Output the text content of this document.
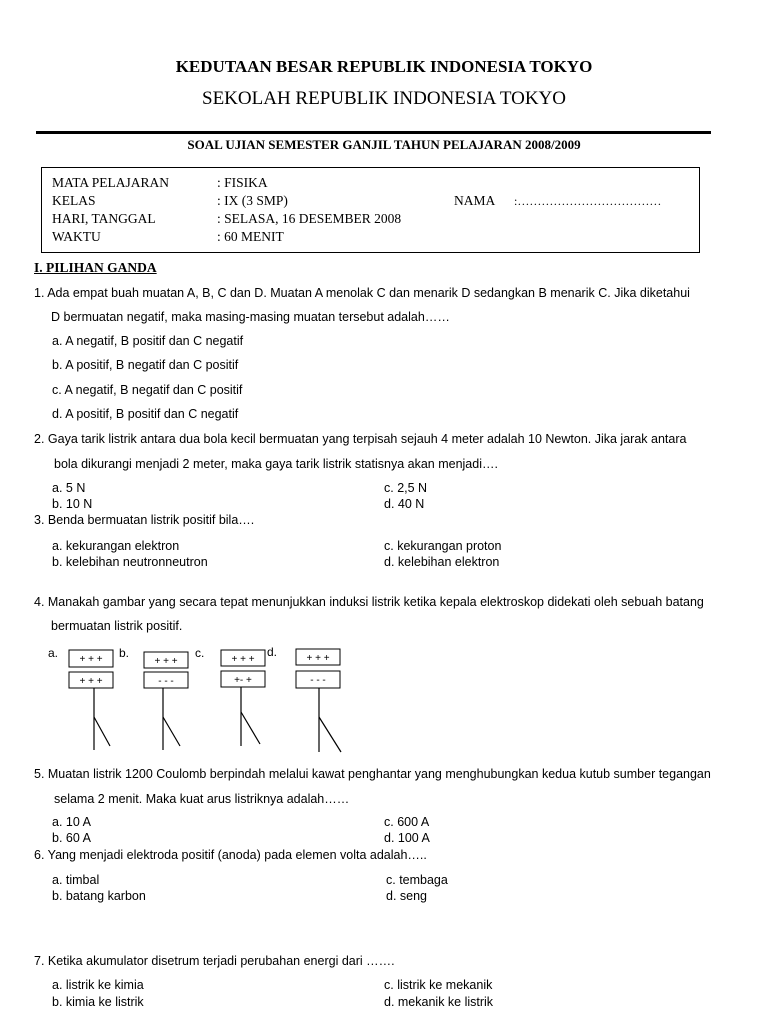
KEDUTAAN BESAR REPUBLIK INDONESIA TOKYO
SEKOLAH REPUBLIK INDONESIA TOKYO
SOAL UJIAN SEMESTER GANJIL TAHUN PELAJARAN 2008/2009
MATA PELAJARAN	: FISIKA
KELAS	: IX (3 SMP)
HARI, TANGGAL	: SELASA, 16 DESEMBER 2008
WAKTU	: 60 MENIT
NAMA :………………………………
I. PILIHAN GANDA
1. Ada empat buah muatan A, B, C dan D. Muatan A menolak C dan menarik D sedangkan B menarik C. Jika diketahui
D bermuatan negatif, maka masing-masing muatan tersebut adalah……
a. A negatif, B positif dan C negatif
b. A positif, B negatif dan C positif
c. A negatif, B negatif dan C positif
d. A positif, B positif dan C negatif
2. Gaya tarik listrik antara dua bola kecil bermuatan yang terpisah sejauh 4 meter adalah 10 Newton. Jika jarak antara
bola dikurangi menjadi 2 meter, maka gaya tarik listrik statisnya akan menjadi….
a. 5 N
b. 10 N
c. 2,5 N
d. 40 N
3. Benda bermuatan listrik positif bila….
a. kekurangan elektron
b. kelebihan neutronneutron
c. kekurangan proton
d. kelebihan elektron
4. Manakah gambar yang secara tepat menunjukkan induksi listrik ketika kepala elektroskop didekati oleh sebuah batang
bermuatan listrik positif.
a. + + +
+ + +
b.
+ + +
- - -
c.	+ + +
+- +
d.	+ + +
- - -
5. Muatan listrik 1200 Coulomb berpindah melalui kawat penghantar yang menghubungkan kedua kutub sumber tegangan
selama 2 menit. Maka kuat arus listriknya adalah……
a. 10 A
b. 60 A
c. 600 A
d. 100 A
6. Yang menjadi elektroda positif (anoda) pada elemen volta adalah…..
a. timbal
b. batang karbon
c. tembaga
d. seng
7. Ketika akumulator disetrum terjadi perubahan energi dari …….
a. listrik ke kimia
b. kimia ke listrik
c. listrik ke mekanik
d. mekanik ke listrik
